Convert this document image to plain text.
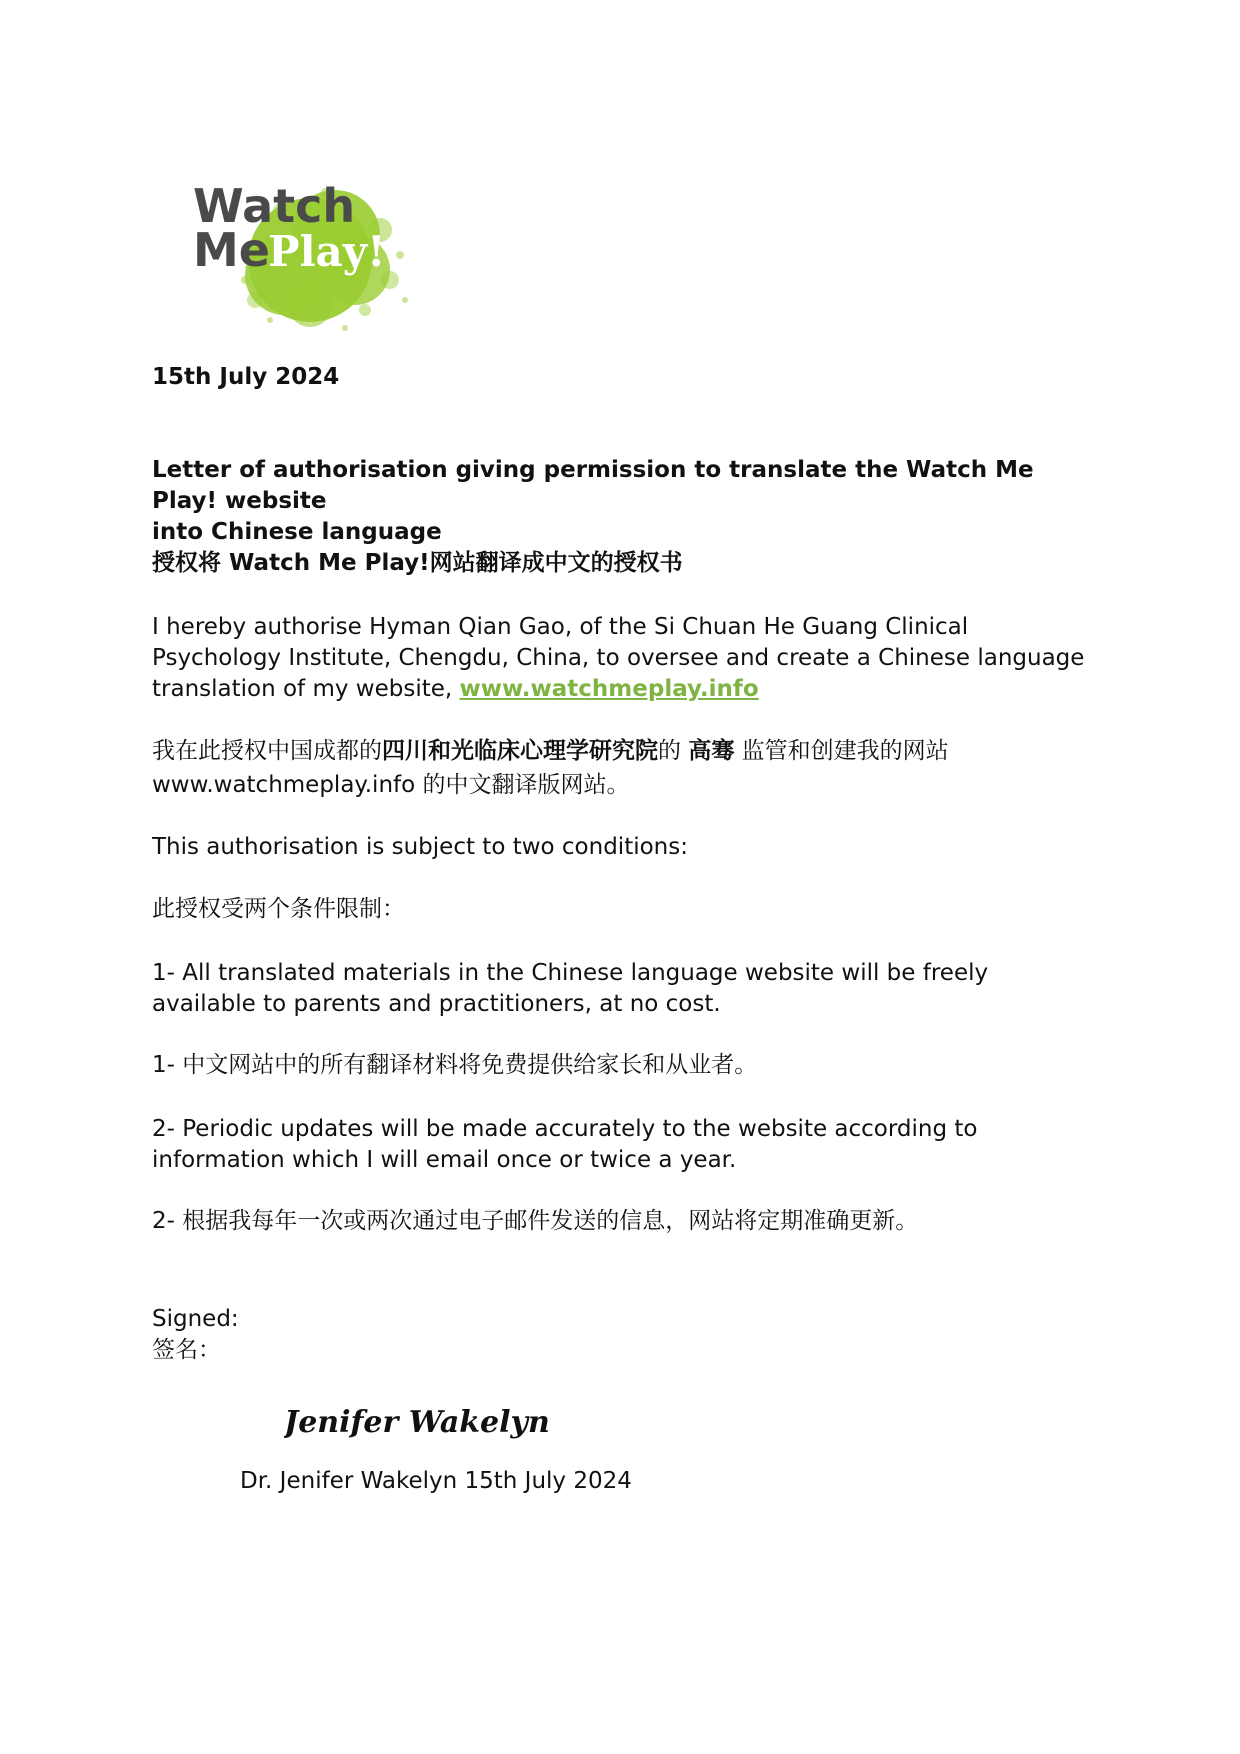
Watch
Me
Play!

15th July 2024

Letter of authorisation giving permission to translate the Watch Me Play! website
into Chinese language
授权将 Watch Me Play!网站翻译成中文的授权书

I hereby authorise Hyman Qian Gao, of the Si Chuan He Guang Clinical Psychology Institute, Chengdu, China, to oversee and create a Chinese language translation of my website, www.watchmeplay.info

我在此授权中国成都的四川和光临床心理学研究院的 高骞 监管和创建我的网站 www.watchmeplay.info 的中文翻译版网站。

This authorisation is subject to two conditions:

此授权受两个条件限制：

1- All translated materials in the Chinese language website will be freely available to parents and practitioners, at no cost.

1- 中文网站中的所有翻译材料将免费提供给家长和从业者。

2- Periodic updates will be made accurately to the website according to information which I will email once or twice a year.

2- 根据我每年一次或两次通过电子邮件发送的信息，网站将定期准确更新。

Signed:
签名：

Jenifer Wakelyn
Dr. Jenifer Wakelyn 15th July 2024
